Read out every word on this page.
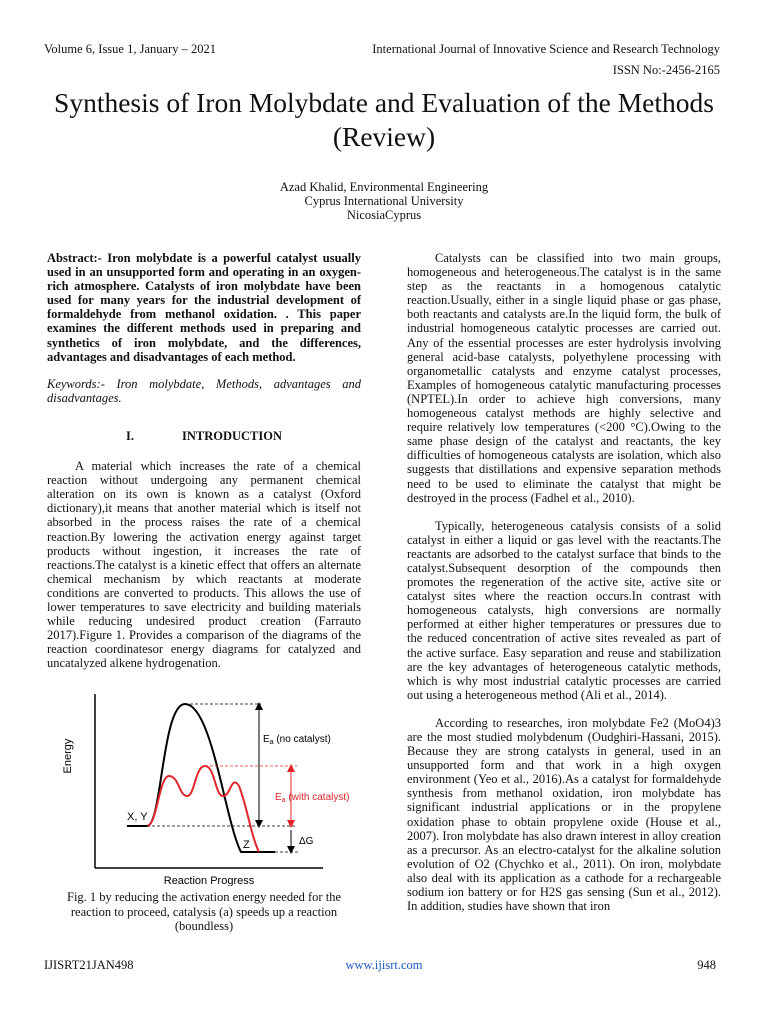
Volume 6, Issue 1, January – 2021	International Journal of Innovative Science and Research Technology
ISSN No:-2456-2165
Synthesis of Iron Molybdate and Evaluation of the Methods (Review)
Azad Khalid, Environmental Engineering
Cyprus International University
NicosiaCyprus

Abstract:- Iron molybdate is a powerful catalyst usually used in an unsupported form and operating in an oxygen-rich atmosphere. Catalysts of iron molybdate have been used for many years for the industrial development of formaldehyde from methanol oxidation. . This paper examines the different methods used in preparing and synthetics of iron molybdate, and the differences, advantages and disadvantages of each method.

Keywords:- Iron molybdate, Methods, advantages and disadvantages.

I.	INTRODUCTION

A material which increases the rate of a chemical reaction without undergoing any permanent chemical alteration on its own is known as a catalyst (Oxford dictionary),it means that another material which is itself not absorbed in the process raises the rate of a chemical reaction.By lowering the activation energy against target products without ingestion, it increases the rate of reactions.The catalyst is a kinetic effect that offers an alternate chemical mechanism by which reactants at moderate conditions are converted to products. This allows the use of lower temperatures to save electricity and building materials while reducing undesired product creation (Farrauto 2017).Figure 1. Provides a comparison of the diagrams of the reaction coordinatesor energy diagrams for catalyzed and uncatalyzed alkene hydrogenation.

Energy
Reaction Progress
$E_a$ (no catalyst)
$E_a$ (with catalyst)
ΔG
X, Y
Z

Fig. 1 by reducing the activation energy needed for the reaction to proceed, catalysis (a) speeds up a reaction (boundless)

Catalysts can be classified into two main groups, homogeneous and heterogeneous.The catalyst is in the same step as the reactants in a homogenous catalytic reaction.Usually, either in a single liquid phase or gas phase, both reactants and catalysts are.In the liquid form, the bulk of industrial homogeneous catalytic processes are carried out. Any of the essential processes are ester hydrolysis involving general acid-base catalysts, polyethylene processing with organometallic catalysts and enzyme catalyst processes, Examples of homogeneous catalytic manufacturing processes (NPTEL).In order to achieve high conversions, many homogeneous catalyst methods are highly selective and require relatively low temperatures (<200 °C).Owing to the same phase design of the catalyst and reactants, the key difficulties of homogeneous catalysts are isolation, which also suggests that distillations and expensive separation methods need to be used to eliminate the catalyst that might be destroyed in the process (Fadhel et al., 2010).

Typically, heterogeneous catalysis consists of a solid catalyst in either a liquid or gas level with the reactants.The reactants are adsorbed to the catalyst surface that binds to the catalyst.Subsequent desorption of the compounds then promotes the regeneration of the active site, active site or catalyst sites where the reaction occurs.In contrast with homogeneous catalysts, high conversions are normally performed at either higher temperatures or pressures due to the reduced concentration of active sites revealed as part of the active surface. Easy separation and reuse and stabilization are the key advantages of heterogeneous catalytic methods, which is why most industrial catalytic processes are carried out using a heterogeneous method (Ali et al., 2014).

According to researches, iron molybdate Fe2 (MoO4)3 are the most studied molybdenum (Oudghiri-Hassani, 2015). Because they are strong catalysts in general, used in an unsupported form and that work in a high oxygen environment (Yeo et al., 2016).As a catalyst for formaldehyde synthesis from methanol oxidation, iron molybdate has significant industrial applications or in the propylene oxidation phase to obtain propylene oxide (House et al., 2007). Iron molybdate has also drawn interest in alloy creation as a precursor. As an electro-catalyst for the alkaline solution evolution of O2 (Chychko et al., 2011). On iron, molybdate also deal with its application as a cathode for a rechargeable sodium ion battery or for H2S gas sensing (Sun et al., 2012). In addition, studies have shown that iron

IJISRT21JAN498	www.ijisrt.com	948
